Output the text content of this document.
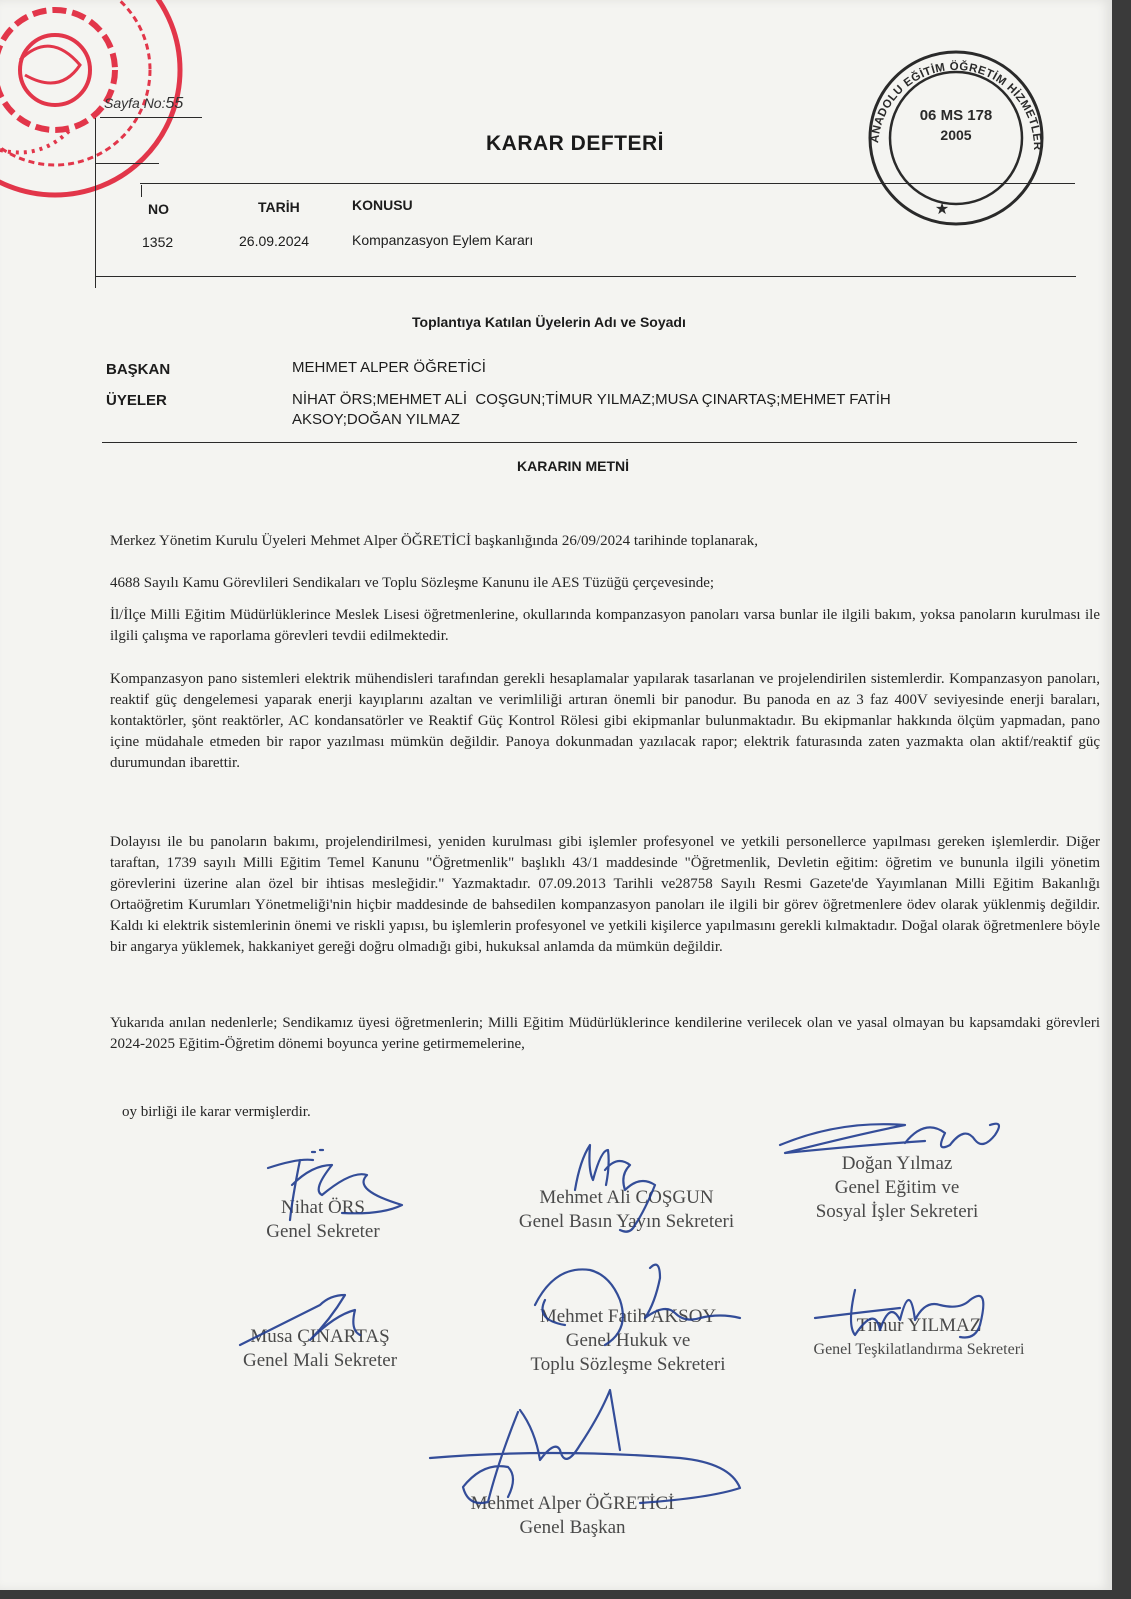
Sayfa No:55
ANADOLU EĞİTİM ÖĞRETİM HİZMETLERİ SENDİKASI
06 MS 178
2005
★
KARAR DEFTERİ
NO	TARİH	KONUSU
1352	26.09.2024	Kompanzasyon Eylem Kararı
Toplantıya Katılan Üyelerin Adı ve Soyadı
BAŞKAN	MEHMET ALPER ÖĞRETİCİ
ÜYELER	NİHAT ÖRS;MEHMET ALİ  COŞGUN;TİMUR YILMAZ;MUSA ÇINARTAŞ;MEHMET FATİH
AKSOY;DOĞAN YILMAZ
KARARIN METNİ

Merkez Yönetim Kurulu Üyeleri Mehmet Alper ÖĞRETİCİ başkanlığında 26/09/2024 tarihinde toplanarak,

4688 Sayılı Kamu Görevlileri Sendikaları ve Toplu Sözleşme Kanunu ile AES Tüzüğü çerçevesinde;

İl/İlçe Milli Eğitim Müdürlüklerince Meslek Lisesi öğretmenlerine, okullarında kompanzasyon panoları varsa bunlar ile ilgili bakım, yoksa panoların kurulması ile ilgili çalışma ve raporlama görevleri tevdii edilmektedir.

Kompanzasyon pano sistemleri elektrik mühendisleri tarafından gerekli hesaplamalar yapılarak tasarlanan ve projelendirilen sistemlerdir. Kompanzasyon panoları, reaktif güç dengelemesi yaparak enerji kayıplarını azaltan ve verimliliği artıran önemli bir panodur. Bu panoda en az 3 faz 400V seviyesinde enerji baraları, kontaktörler, şönt reaktörler, AC kondansatörler ve Reaktif Güç Kontrol Rölesi gibi ekipmanlar bulunmaktadır. Bu ekipmanlar hakkında ölçüm yapmadan, pano içine müdahale etmeden bir rapor yazılması mümkün değildir. Panoya dokunmadan yazılacak rapor; elektrik faturasında zaten yazmakta olan aktif/reaktif güç durumundan ibarettir.

Dolayısı ile bu panoların bakımı, projelendirilmesi, yeniden kurulması gibi işlemler profesyonel ve yetkili personellerce yapılması gereken işlemlerdir. Diğer taraftan, 1739 sayılı Milli Eğitim Temel Kanunu "Öğretmenlik" başlıklı 43/1 maddesinde "Öğretmenlik, Devletin eğitim: öğretim ve bununla ilgili yönetim görevlerini üzerine alan özel bir ihtisas mesleğidir." Yazmaktadır. 07.09.2013 Tarihli ve28758 Sayılı Resmi Gazete'de Yayımlanan Milli Eğitim Bakanlığı Ortaöğretim Kurumları Yönetmeliği'nin hiçbir maddesinde de bahsedilen kompanzasyon panoları ile ilgili bir görev öğretmenlere ödev olarak yüklenmiş değildir. Kaldı ki elektrik sistemlerinin önemi ve riskli yapısı, bu işlemlerin profesyonel ve yetkili kişilerce yapılmasını gerekli kılmaktadır. Doğal olarak öğretmenlere böyle bir angarya yüklemek, hakkaniyet gereği doğru olmadığı gibi, hukuksal anlamda da mümkün değildir.

Yukarıda anılan nedenlerle; Sendikamız üyesi öğretmenlerin; Milli Eğitim Müdürlüklerince kendilerine verilecek olan ve yasal olmayan bu kapsamdaki görevleri 2024-2025 Eğitim-Öğretim dönemi boyunca yerine getirmemelerine,

oy birliği ile karar vermişlerdir.
Nihat ÖRS
Genel Sekreter
Mehmet Ali COŞGUN
Genel Basın Yayın Sekreteri
Doğan Yılmaz
Genel Eğitim ve
Sosyal İşler Sekreteri
Musa ÇINARTAŞ
Genel Mali Sekreter
Mehmet Fatih AKSOY
Genel Hukuk ve
Toplu Sözleşme Sekreteri
Timur YILMAZ
Genel Teşkilatlandırma Sekreteri
Mehmet Alper ÖĞRETİCİ
Genel Başkan
